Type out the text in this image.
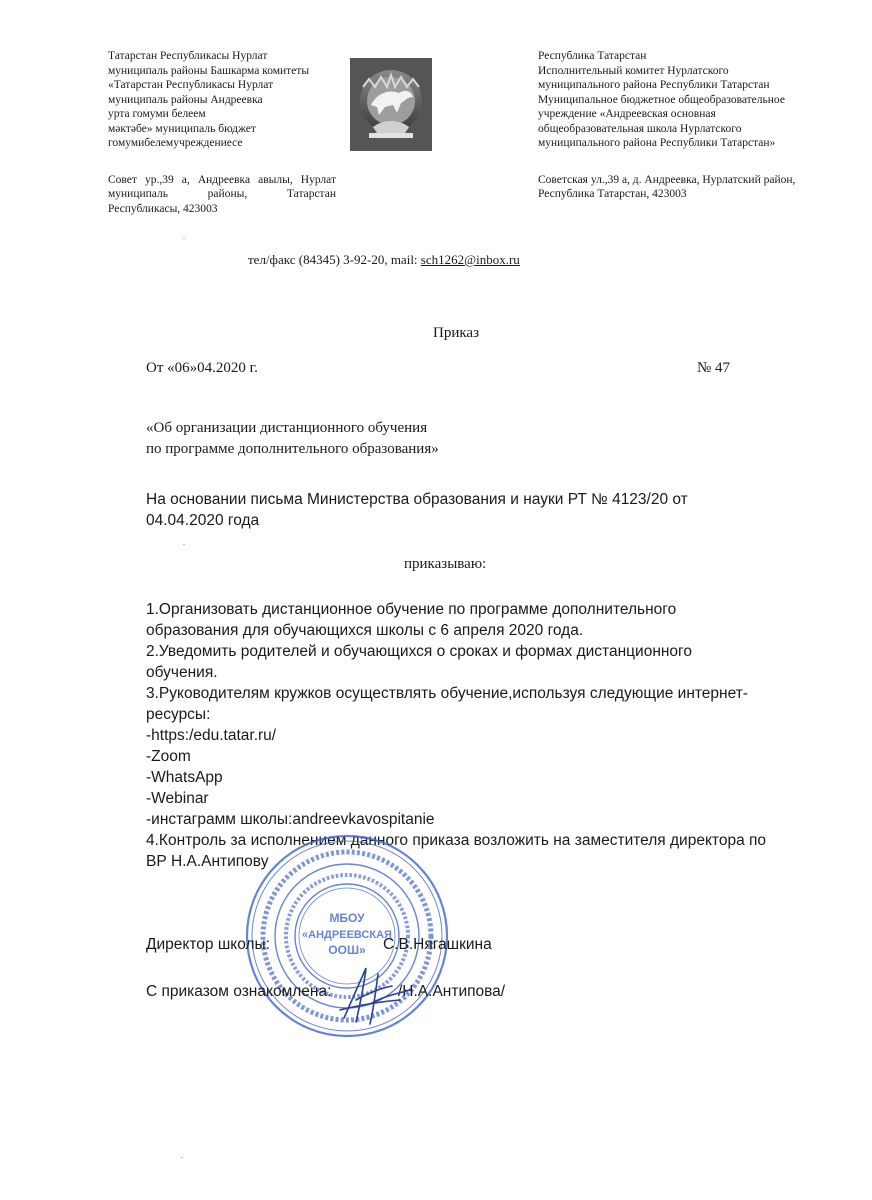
Татарстан Республикасы Нурлат
муниципаль районы Башкарма комитеты
«Татарстан Республикасы Нурлат
муниципаль районы Андреевка
урта гомуми белеем
мәктәбе» муниципаль бюджет
гомумибелемучреждениесе
Совет ур.,39 а, Андреевка авылы, Нурлат муниципаль районы, Татарстан Республикасы, 423003
Республика Татарстан
Исполнительный комитет Нурлатского
муниципального района Республики Татарстан
Муниципальное бюджетное общеобразовательное
учреждение «Андреевская основная
общеобразовательная школа Нурлатского
муниципального района Республики Татарстан»
Советская ул.,39 а, д. Андреевка, Нурлатский район,
Республика Татарстан, 423003
тел/факс (84345) 3-92-20, mail: sch1262@inbox.ru
Приказ
От «06»04.2020 г.	№ 47
«Об организации дистанционного обучения
по программе дополнительного образования»
На основании письма Министерства образования и науки РТ № 4123/20 от
04.04.2020 года
приказываю:
1.Организовать дистанционное обучение по программе дополнительного
образования для обучающихся школы с 6 апреля 2020 года.
2.Уведомить родителей и обучающихся о сроках и формах дистанционного
обучения.
3.Руководителям кружков осуществлять обучение,используя следующие интернет-
ресурсы:
-https:/edu.tatar.ru/
-Zoom
-WhatsApp
-Webinar
-инстаграмм школы:andreevkavospitanie
4.Контроль за исполнением данного приказа возложить на заместителя директора по
ВР Н.А.Антипову
МБОУ
«АНДРЕЕВСКАЯ
ООШ»
Директор школы:	С.В.Нягашкина
С приказом ознакомлена:	/Н.А.Антипова/
